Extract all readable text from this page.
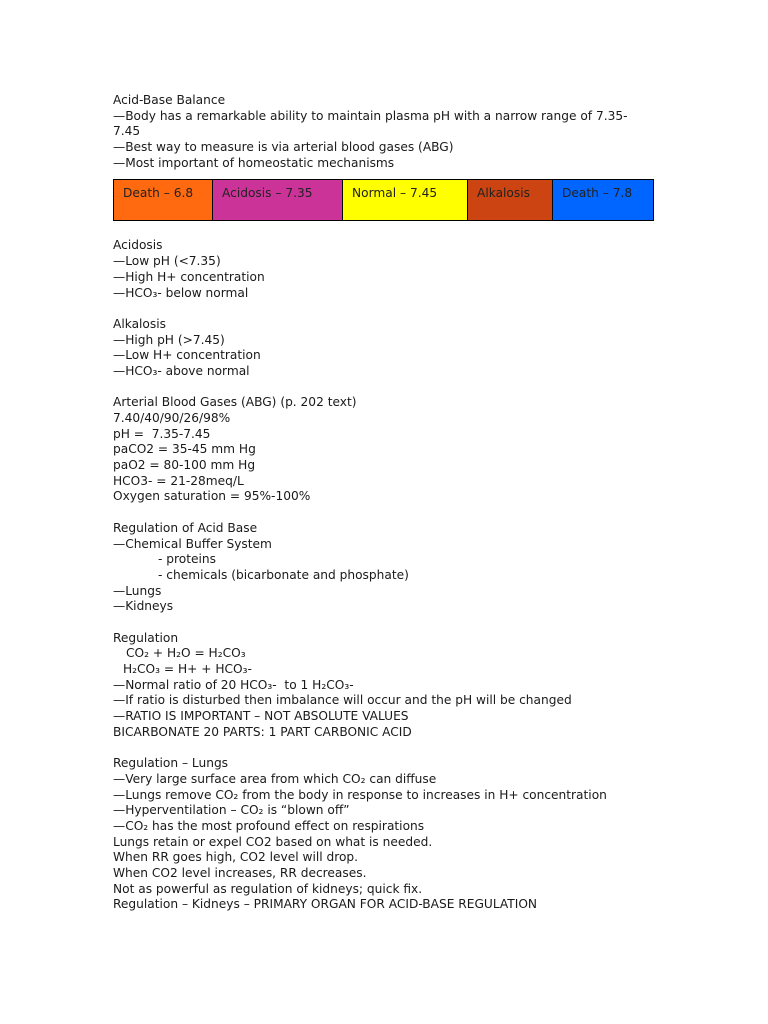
Acid-Base Balance
—Body has a remarkable ability to maintain plasma pH with a narrow range of 7.35-
7.45
—Best way to measure is via arterial blood gases (ABG)
—Most important of homeostatic mechanisms
Death – 6.8	Acidosis – 7.35	Normal – 7.45	Alkalosis	Death – 7.8
Acidosis
—Low pH (<7.35)
—High H+ concentration
—HCO₃- below normal
Alkalosis
—High pH (>7.45)
—Low H+ concentration
—HCO₃- above normal
Arterial Blood Gases (ABG) (p. 202 text)
7.40/40/90/26/98%
pH =  7.35-7.45
paCO2 = 35-45 mm Hg
paO2 = 80-100 mm Hg
HCO3- = 21-28meq/L
Oxygen saturation = 95%-100%
Regulation of Acid Base
—Chemical Buffer System
- proteins
- chemicals (bicarbonate and phosphate)
—Lungs
—Kidneys
Regulation
CO₂ + H₂O = H₂CO₃
H₂CO₃ = H+ + HCO₃-
—Normal ratio of 20 HCO₃-  to 1 H₂CO₃-
—If ratio is disturbed then imbalance will occur and the pH will be changed
—RATIO IS IMPORTANT – NOT ABSOLUTE VALUES
BICARBONATE 20 PARTS: 1 PART CARBONIC ACID
Regulation – Lungs
—Very large surface area from which CO₂ can diffuse
—Lungs remove CO₂ from the body in response to increases in H+ concentration
—Hyperventilation – CO₂ is “blown off”
—CO₂ has the most profound effect on respirations
Lungs retain or expel CO2 based on what is needed.
When RR goes high, CO2 level will drop.
When CO2 level increases, RR decreases.
Not as powerful as regulation of kidneys; quick fix.
Regulation – Kidneys – PRIMARY ORGAN FOR ACID-BASE REGULATION
